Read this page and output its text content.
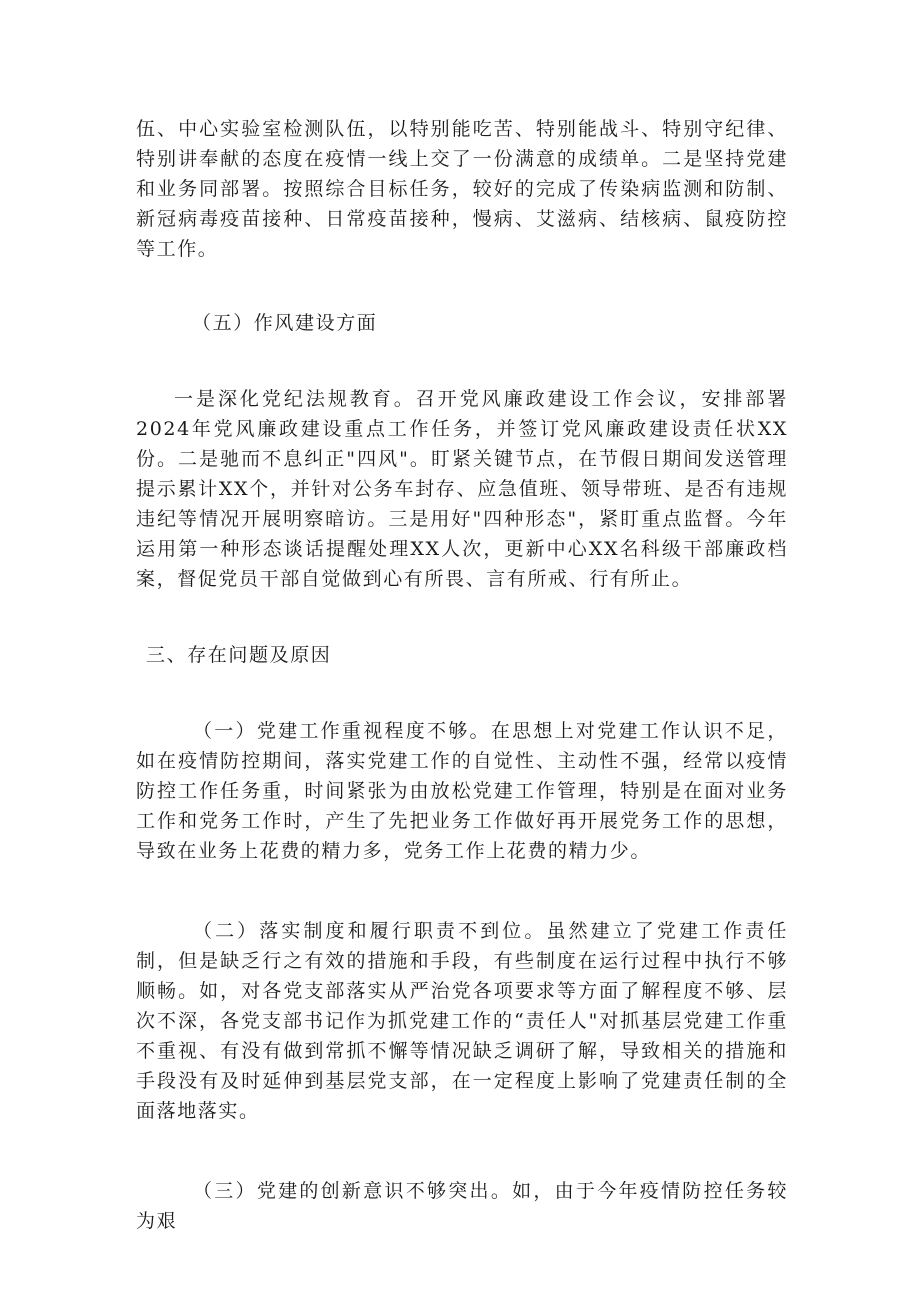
伍、中心实验室检测队伍，以特别能吃苦、特别能战斗、特别守纪律、特别讲奉献的态度在疫情一线上交了一份满意的成绩单。二是坚持党建和业务同部署。按照综合目标任务，较好的完成了传染病监测和防制、新冠病毒疫苗接种、日常疫苗接种，慢病、艾滋病、结核病、鼠疫防控等工作。

（五）作风建设方面

一是深化党纪法规教育。召开党风廉政建设工作会议，安排部署2024年党风廉政建设重点工作任务，并签订党风廉政建设责任状XX份。二是驰而不息纠正"四风"。盯紧关键节点，在节假日期间发送管理提示累计XX个，并针对公务车封存、应急值班、领导带班、是否有违规违纪等情况开展明察暗访。三是用好"四种形态"，紧盯重点监督。今年运用第一种形态谈话提醒处理XX人次，更新中心XX名科级干部廉政档案，督促党员干部自觉做到心有所畏、言有所戒、行有所止。

三、存在问题及原因

（一）党建工作重视程度不够。在思想上对党建工作认识不足，如在疫情防控期间，落实党建工作的自觉性、主动性不强，经常以疫情防控工作任务重，时间紧张为由放松党建工作管理，特别是在面对业务工作和党务工作时，产生了先把业务工作做好再开展党务工作的思想，导致在业务上花费的精力多，党务工作上花费的精力少。

（二）落实制度和履行职责不到位。虽然建立了党建工作责任制，但是缺乏行之有效的措施和手段，有些制度在运行过程中执行不够顺畅。如，对各党支部落实从严治党各项要求等方面了解程度不够、层次不深，各党支部书记作为抓党建工作的“责任人"对抓基层党建工作重不重视、有没有做到常抓不懈等情况缺乏调研了解，导致相关的措施和手段没有及时延伸到基层党支部，在一定程度上影响了党建责任制的全面落地落实。

（三）党建的创新意识不够突出。如，由于今年疫情防控任务较为艰
